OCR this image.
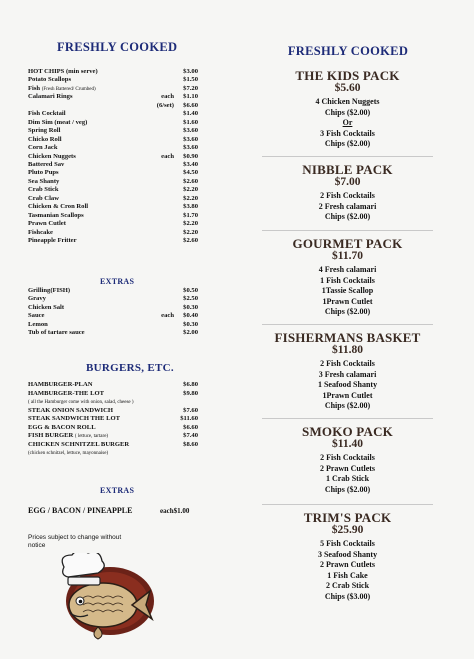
FRESHLY COOKED
HOT CHIPS (min serve)	$3.00
Potato Scallops	$1.50
Fish (Fresh Battered/ Crumbed)	$7.20
Calamari Rings	each $1.10
(6/set) $6.60
Fish Cocktail	$1.40
Dim Sim (meat / veg)	$1.60
Spring Roll	$3.60
Chicko Roll	$3.60
Corn Jack	$3.60
Chicken Nuggets	each $0.90
Battered Sav	$3.40
Pluto Pups	$4.50
Sea Shanty	$2.60
Crab Stick	$2.20
Crab Claw	$2.20
Chicken & Cron Roll	$3.80
Tasmanian Scallops	$1.70
Prawn Cutlet	$2.20
Fishcake	$2.20
Pineapple Fritter	$2.60
EXTRAS
Grilling(FISH)	$0.50
Gravy	$2.50
Chicken Salt	$0.30
Sauce	each $0.40
Lemon	$0.30
Tub of tartare sauce	$2.00
BURGERS, ETC.
HAMBURGER-PLAN	$6.80
HAMBURGER-THE LOT	$9.80
( all the Hamburger come with onion, salad, cheese )
STEAK ONION SANDWICH	$7.60
STEAK SANDWICH THE LOT	$11.60
EGG & BACON ROLL	$6.60
FISH BURGER ( lettuce, tartare)	$7.40
CHICKEN SCHNITZEL BURGER	$8.60
(chicken schnitzel, lettuce, mayonnaise)
EXTRAS
EGG / BACON / PINEAPPLE	each$1.00
Prices subject to change without notice
FRESHLY COOKED
THE KIDS PACK
$5.60
4 Chicken Nuggets
Chips ($2.00)
Or
3 Fish Cocktails
Chips ($2.00)
NIBBLE PACK
$7.00
2 Fish Cocktails
2 Fresh calamari
Chips ($2.00)
GOURMET PACK
$11.70
4 Fresh calamari
1 Fish Cocktails
1Tassie Scallop
1Prawn Cutlet
Chips ($2.00)
FISHERMANS BASKET
$11.80
2 Fish Cocktails
3 Fresh calamari
1 Seafood Shanty
1Prawn Cutlet
Chips ($2.00)
SMOKO PACK
$11.40
2 Fish Cocktails
2 Prawn Cutlets
1 Crab Stick
Chips ($2.00)
TRIM'S PACK
$25.90
5 Fish Cocktails
3 Seafood Shanty
2 Prawn Cutlets
1 Fish Cake
2 Crab Stick
Chips ($3.00)
